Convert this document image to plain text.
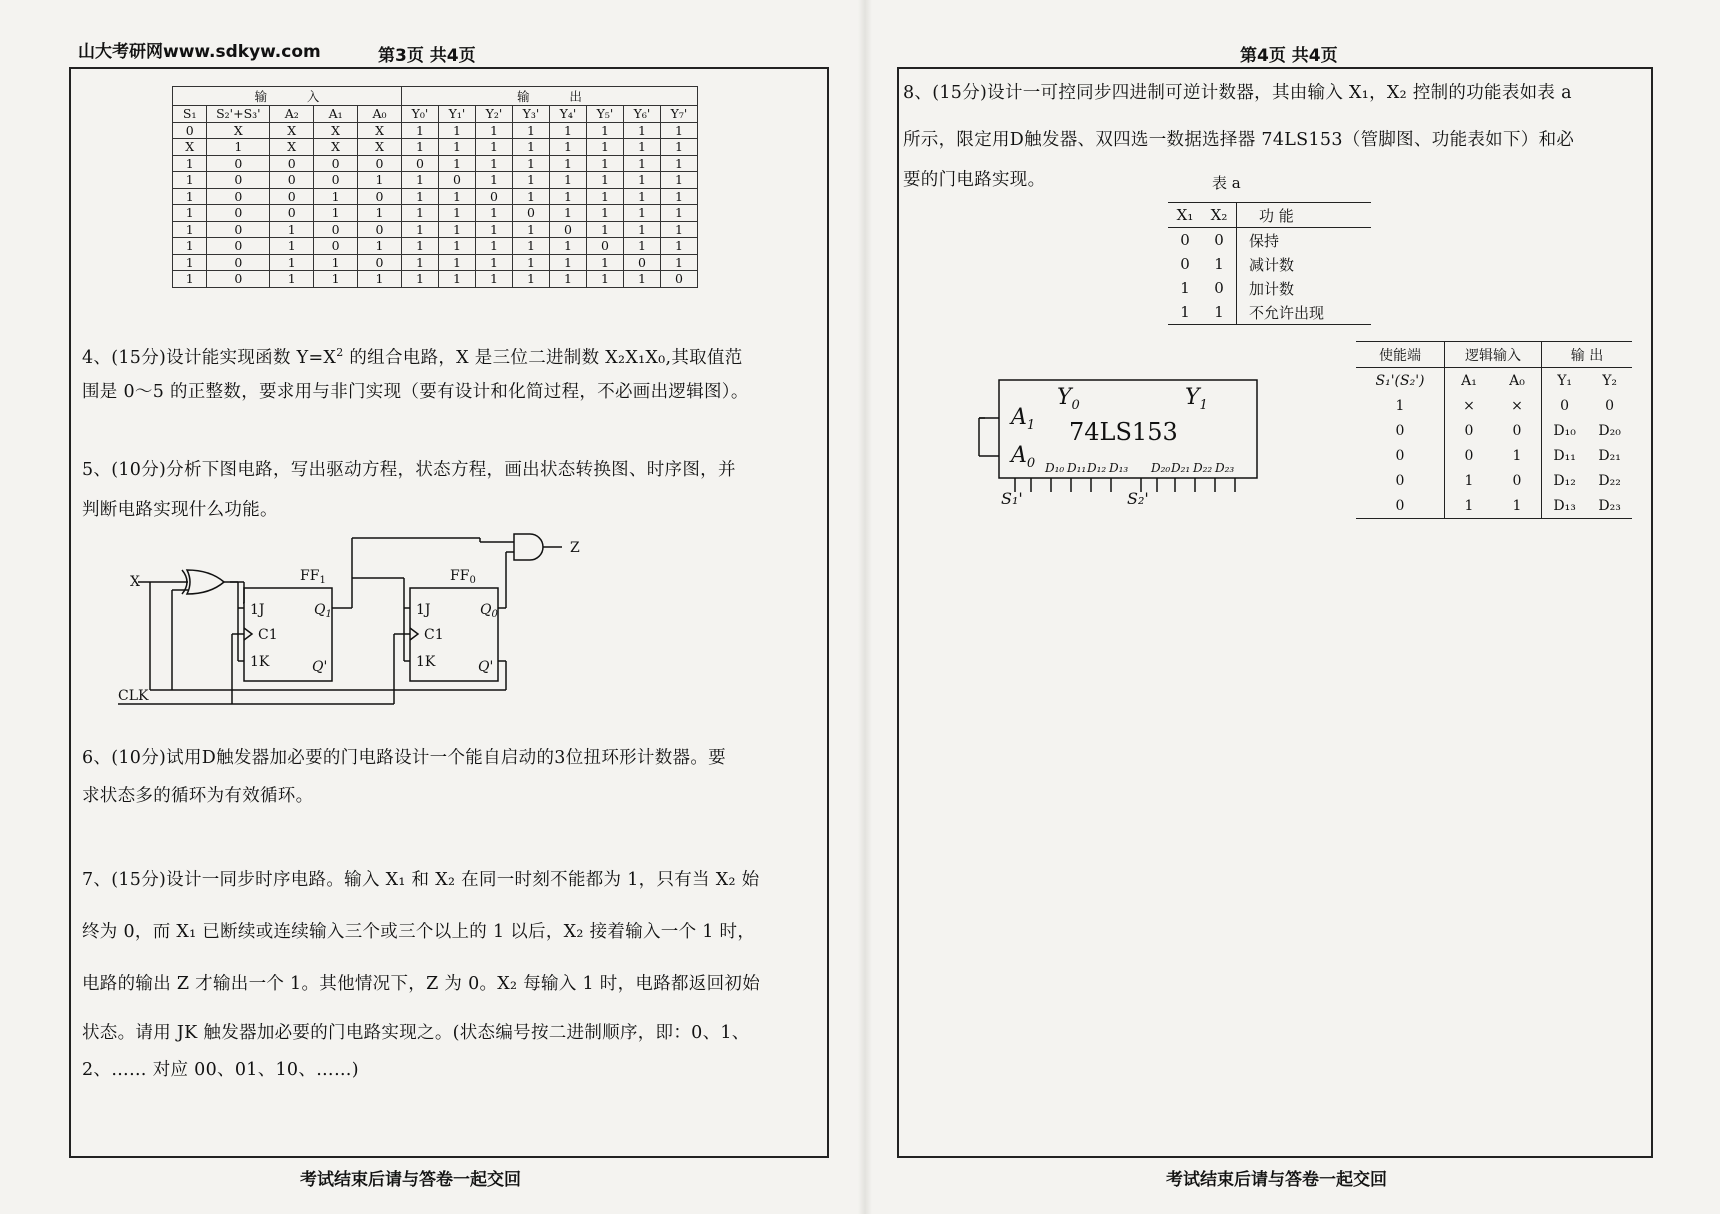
山大考研网www.sdkyw.com	第3页 共4页
输 入					输 出							
S₁	S₂'+S₃'	A₂	A₁	A₀	Y₀'	Y₁'	Y₂'	Y₃'	Y₄'	Y₅'	Y₆'	Y₇'
0	X	X	X	X	1	1	1	1	1	1	1	1
X	1	X	X	X	1	1	1	1	1	1	1	1
1	0	0	0	0	0	1	1	1	1	1	1	1
1	0	0	0	1	1	0	1	1	1	1	1	1
1	0	0	1	0	1	1	0	1	1	1	1	1
1	0	0	1	1	1	1	1	0	1	1	1	1
1	0	1	0	0	1	1	1	1	0	1	1	1
1	0	1	0	1	1	1	1	1	1	0	1	1
1	0	1	1	0	1	1	1	1	1	1	0	1
1	0	1	1	1	1	1	1	1	1	1	1	0
4、(15分)设计能实现函数 $Y=X^2$ 的组合电路，X 是三位二进制数 X₂X₁X₀,其取值范
围是 0～5 的正整数，要求用与非门实现（要有设计和化简过程，不必画出逻辑图）。
5、(10分)分析下图电路，写出驱动方程，状态方程，画出状态转换图、时序图，并
判断电路实现什么功能。
X
CLK
Z
$FF_1$	$FF_0$
1J
C1
1K
1J
C1
1K
$Q_1$
Q'
$Q_0$
Q'
6、(10分)试用D触发器加必要的门电路设计一个能自启动的3位扭环形计数器。要
求状态多的循环为有效循环。
7、(15分)设计一同步时序电路。输入 X₁ 和 X₂ 在同一时刻不能都为 1，只有当 X₂ 始
终为 0，而 X₁ 已断续或连续输入三个或三个以上的 1 以后，X₂ 接着输入一个 1 时，
电路的输出 Z 才输出一个 1。其他情况下，Z 为 0。X₂ 每输入 1 时，电路都返回初始
状态。请用 JK 触发器加必要的门电路实现之。(状态编号按二进制顺序，即：0、1、
2、…… 对应 00、01、10、……)
考试结束后请与答卷一起交回
第4页 共4页
8、(15分)设计一可控同步四进制可逆计数器，其由输入 X₁，X₂ 控制的功能表如表 a
所示，限定用D触发器、双四选一数据选择器 74LS153（管脚图、功能表如下）和必
要的门电路实现。	表 a
X₁	X₂	功 能
0	0	保持
0	1	减计数
1	0	加计数
1	1	不允许出现
$A_1$
$A_0$
$Y_0$	$Y_1$
74LS153
D₁₀ D₁₁ D₁₂ D₁₃ D₂₀ D₂₁ D₂₂ D₂₃
S₁'	S₂'
使能端	逻辑输入		输 出	
S₁'(S₂')	A₁	A₀	Y₁	Y₂
1	×	×	0	0
0	0	0	D₁₀	D₂₀
0	0	1	D₁₁	D₂₁
0	1	0	D₁₂	D₂₂
0	1	1	D₁₃	D₂₃
考试结束后请与答卷一起交回
